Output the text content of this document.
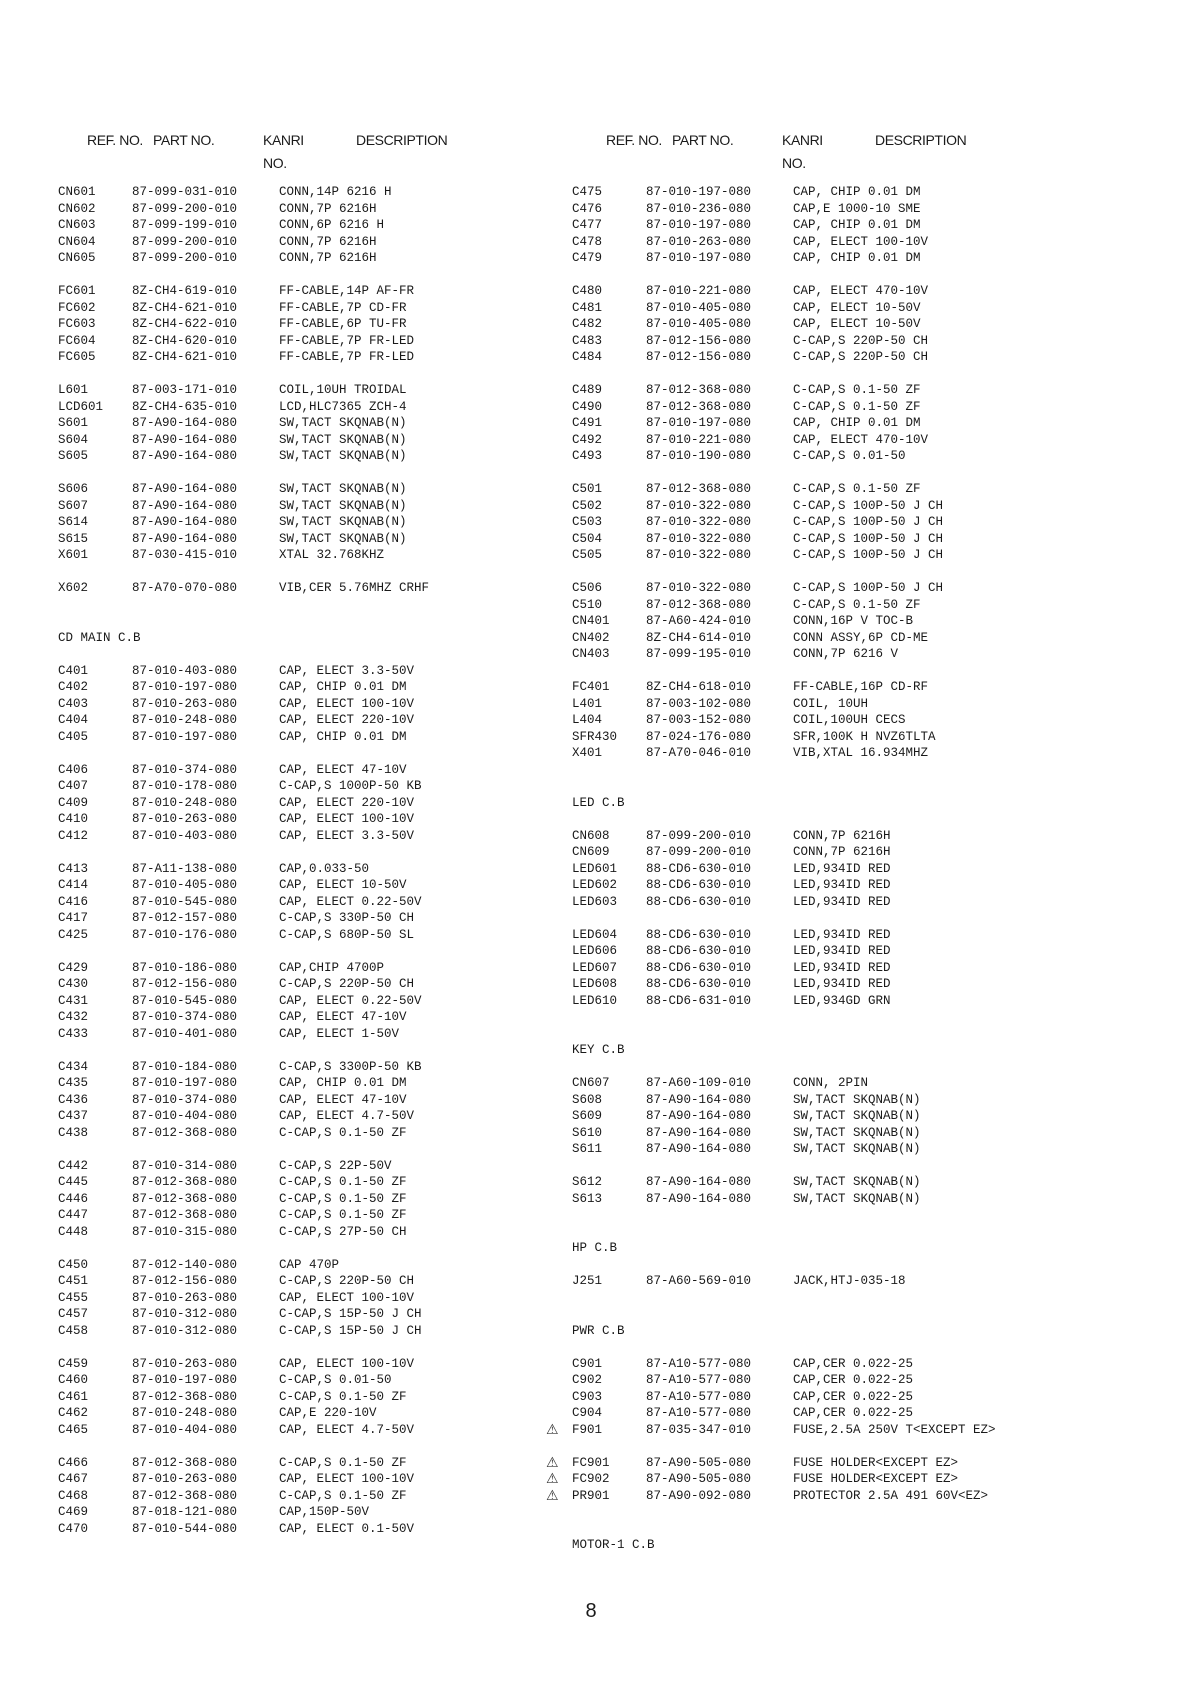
REF. NO. PART NO.	KANRI
NO.
DESCRIPTION	REF. NO. PART NO.	KANRI
NO.
DESCRIPTION
CN601	87-099-031-010	CONN,14P 6216 H
CN602	87-099-200-010	CONN,7P 6216H
CN603	87-099-199-010	CONN,6P 6216 H
CN604	87-099-200-010	CONN,7P 6216H
CN605	87-099-200-010	CONN,7P 6216H
FC601	8Z-CH4-619-010	FF-CABLE,14P AF-FR
FC602	8Z-CH4-621-010	FF-CABLE,7P CD-FR
FC603	8Z-CH4-622-010	FF-CABLE,6P TU-FR
FC604	8Z-CH4-620-010	FF-CABLE,7P FR-LED
FC605	8Z-CH4-621-010	FF-CABLE,7P FR-LED
L601	87-003-171-010	COIL,10UH TROIDAL
LCD601	8Z-CH4-635-010	LCD,HLC7365 ZCH-4
S601	87-A90-164-080	SW,TACT SKQNAB(N)
S604	87-A90-164-080	SW,TACT SKQNAB(N)
S605	87-A90-164-080	SW,TACT SKQNAB(N)
S606	87-A90-164-080	SW,TACT SKQNAB(N)
S607	87-A90-164-080	SW,TACT SKQNAB(N)
S614	87-A90-164-080	SW,TACT SKQNAB(N)
S615	87-A90-164-080	SW,TACT SKQNAB(N)
X601	87-030-415-010	XTAL 32.768KHZ
X602	87-A70-070-080	VIB,CER 5.76MHZ CRHF
CD MAIN C.B
C401	87-010-403-080	CAP, ELECT 3.3-50V
C402	87-010-197-080	CAP, CHIP 0.01 DM
C403	87-010-263-080	CAP, ELECT 100-10V
C404	87-010-248-080	CAP, ELECT 220-10V
C405	87-010-197-080	CAP, CHIP 0.01 DM
C406	87-010-374-080	CAP, ELECT 47-10V
C407	87-010-178-080	C-CAP,S 1000P-50 KB
C409	87-010-248-080	CAP, ELECT 220-10V
C410	87-010-263-080	CAP, ELECT 100-10V
C412	87-010-403-080	CAP, ELECT 3.3-50V
C413	87-A11-138-080	CAP,0.033-50
C414	87-010-405-080	CAP, ELECT 10-50V
C416	87-010-545-080	CAP, ELECT 0.22-50V
C417	87-012-157-080	C-CAP,S 330P-50 CH
C425	87-010-176-080	C-CAP,S 680P-50 SL
C429	87-010-186-080	CAP,CHIP 4700P
C430	87-012-156-080	C-CAP,S 220P-50 CH
C431	87-010-545-080	CAP, ELECT 0.22-50V
C432	87-010-374-080	CAP, ELECT 47-10V
C433	87-010-401-080	CAP, ELECT 1-50V
C434	87-010-184-080	C-CAP,S 3300P-50 KB
C435	87-010-197-080	CAP, CHIP 0.01 DM
C436	87-010-374-080	CAP, ELECT 47-10V
C437	87-010-404-080	CAP, ELECT 4.7-50V
C438	87-012-368-080	C-CAP,S 0.1-50 ZF
C442	87-010-314-080	C-CAP,S 22P-50V
C445	87-012-368-080	C-CAP,S 0.1-50 ZF
C446	87-012-368-080	C-CAP,S 0.1-50 ZF
C447	87-012-368-080	C-CAP,S 0.1-50 ZF
C448	87-010-315-080	C-CAP,S 27P-50 CH
C450	87-012-140-080	CAP 470P
C451	87-012-156-080	C-CAP,S 220P-50 CH
C455	87-010-263-080	CAP, ELECT 100-10V
C457	87-010-312-080	C-CAP,S 15P-50 J CH
C458	87-010-312-080	C-CAP,S 15P-50 J CH
C459	87-010-263-080	CAP, ELECT 100-10V
C460	87-010-197-080	C-CAP,S 0.01-50
C461	87-012-368-080	C-CAP,S 0.1-50 ZF
C462	87-010-248-080	CAP,E 220-10V
C465	87-010-404-080	CAP, ELECT 4.7-50V
C466	87-012-368-080	C-CAP,S 0.1-50 ZF
C467	87-010-263-080	CAP, ELECT 100-10V
C468	87-012-368-080	C-CAP,S 0.1-50 ZF
C469	87-018-121-080	CAP,150P-50V
C470	87-010-544-080	CAP, ELECT 0.1-50V
C475	87-010-197-080	CAP, CHIP 0.01 DM
C476	87-010-236-080	CAP,E 1000-10 SME
C477	87-010-197-080	CAP, CHIP 0.01 DM
C478	87-010-263-080	CAP, ELECT 100-10V
C479	87-010-197-080	CAP, CHIP 0.01 DM
C480	87-010-221-080	CAP, ELECT 470-10V
C481	87-010-405-080	CAP, ELECT 10-50V
C482	87-010-405-080	CAP, ELECT 10-50V
C483	87-012-156-080	C-CAP,S 220P-50 CH
C484	87-012-156-080	C-CAP,S 220P-50 CH
C489	87-012-368-080	C-CAP,S 0.1-50 ZF
C490	87-012-368-080	C-CAP,S 0.1-50 ZF
C491	87-010-197-080	CAP, CHIP 0.01 DM
C492	87-010-221-080	CAP, ELECT 470-10V
C493	87-010-190-080	C-CAP,S 0.01-50
C501	87-012-368-080	C-CAP,S 0.1-50 ZF
C502	87-010-322-080	C-CAP,S 100P-50 J CH
C503	87-010-322-080	C-CAP,S 100P-50 J CH
C504	87-010-322-080	C-CAP,S 100P-50 J CH
C505	87-010-322-080	C-CAP,S 100P-50 J CH
C506	87-010-322-080	C-CAP,S 100P-50 J CH
C510	87-012-368-080	C-CAP,S 0.1-50 ZF
CN401	87-A60-424-010	CONN,16P V TOC-B
CN402	8Z-CH4-614-010	CONN ASSY,6P CD-ME
CN403	87-099-195-010	CONN,7P 6216 V
FC401	8Z-CH4-618-010	FF-CABLE,16P CD-RF
L401	87-003-102-080	COIL, 10UH
L404	87-003-152-080	COIL,100UH CECS
SFR430	87-024-176-080	SFR,100K H NVZ6TLTA
X401	87-A70-046-010	VIB,XTAL 16.934MHZ
LED C.B
CN608	87-099-200-010	CONN,7P 6216H
CN609	87-099-200-010	CONN,7P 6216H
LED601	88-CD6-630-010	LED,934ID RED
LED602	88-CD6-630-010	LED,934ID RED
LED603	88-CD6-630-010	LED,934ID RED
LED604	88-CD6-630-010	LED,934ID RED
LED606	88-CD6-630-010	LED,934ID RED
LED607	88-CD6-630-010	LED,934ID RED
LED608	88-CD6-630-010	LED,934ID RED
LED610	88-CD6-631-010	LED,934GD GRN
KEY C.B
CN607	87-A60-109-010	CONN, 2PIN
S608	87-A90-164-080	SW,TACT SKQNAB(N)
S609	87-A90-164-080	SW,TACT SKQNAB(N)
S610	87-A90-164-080	SW,TACT SKQNAB(N)
S611	87-A90-164-080	SW,TACT SKQNAB(N)
S612	87-A90-164-080	SW,TACT SKQNAB(N)
S613	87-A90-164-080	SW,TACT SKQNAB(N)
HP C.B
J251	87-A60-569-010	JACK,HTJ-035-18
PWR C.B
C901	87-A10-577-080	CAP,CER 0.022-25
C902	87-A10-577-080	CAP,CER 0.022-25
C903	87-A10-577-080	CAP,CER 0.022-25
C904	87-A10-577-080	CAP,CER 0.022-25
⚠ F901	87-035-347-010	FUSE,2.5A 250V T<EXCEPT EZ>
⚠ FC901	87-A90-505-080	FUSE HOLDER<EXCEPT EZ>
⚠ FC902	87-A90-505-080	FUSE HOLDER<EXCEPT EZ>
⚠ PR901	87-A90-092-080	PROTECTOR 2.5A 491 60V<EZ>
MOTOR-1 C.B
8
